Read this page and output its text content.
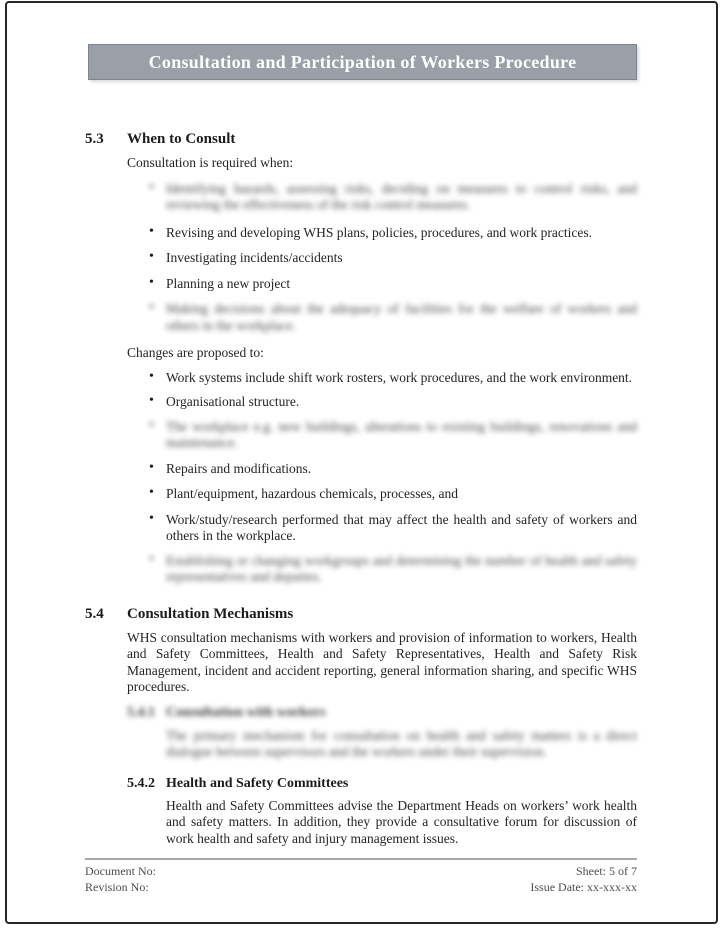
Consultation and Participation of Workers Procedure
5.3	When to Consult

Consultation is required when:

• Identifying hazards, assessing risks, deciding on measures to control risks, and reviewing the effectiveness of the risk control measures.
• Revising and developing WHS plans, policies, procedures, and work practices.
• Investigating incidents/accidents
• Planning a new project
• Making decisions about the adequacy of facilities for the welfare of workers and others in the workplace.

Changes are proposed to:

• Work systems include shift work rosters, work procedures, and the work environment.
• Organisational structure.
• The workplace e.g. new buildings, alterations to existing buildings, renovations and maintenance.
• Repairs and modifications.
• Plant/equipment, hazardous chemicals, processes, and
• Work/study/research performed that may affect the health and safety of workers and others in the workplace.
• Establishing or changing workgroups and determining the number of health and safety representatives and deputies.
5.4	Consultation Mechanisms

WHS consultation mechanisms with workers and provision of information to workers, Health and Safety Committees, Health and Safety Representatives, Health and Safety Risk Management, incident and accident reporting, general information sharing, and specific WHS procedures.

5.4.1 Consultation with workers

The primary mechanism for consultation on health and safety matters is a direct dialogue between supervisors and the workers under their supervision.

5.4.2 Health and Safety Committees

Health and Safety Committees advise the Department Heads on workers’ work health and safety matters. In addition, they provide a consultative forum for discussion of work health and safety and injury management issues.

Document No:
Revision No:
Sheet: 5 of 7
Issue Date: xx-xxx-xx
